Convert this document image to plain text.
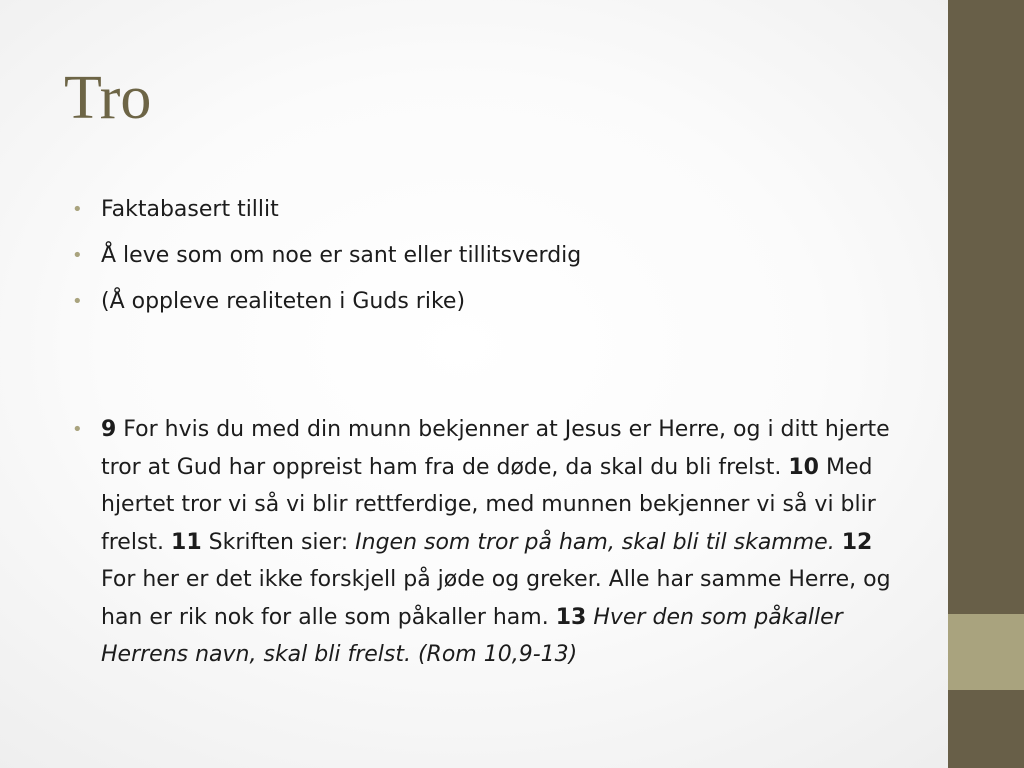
Tro
• Faktabasert tillit
• Å leve som om noe er sant eller tillitsverdig
• (Å oppleve realiteten i Guds rike)
• 9 For hvis du med din munn bekjenner at Jesus er Herre, og i ditt hjerte tror at Gud har oppreist ham fra de døde, da skal du bli frelst. 10 Med hjertet tror vi så vi blir rettferdige, med munnen bekjenner vi så vi blir frelst. 11 Skriften sier: Ingen som tror på ham, skal bli til skamme. 12 For her er det ikke forskjell på jøde og greker. Alle har samme Herre, og han er rik nok for alle som påkaller ham. 13 Hver den som påkaller Herrens navn, skal bli frelst. (Rom 10,9-13)
